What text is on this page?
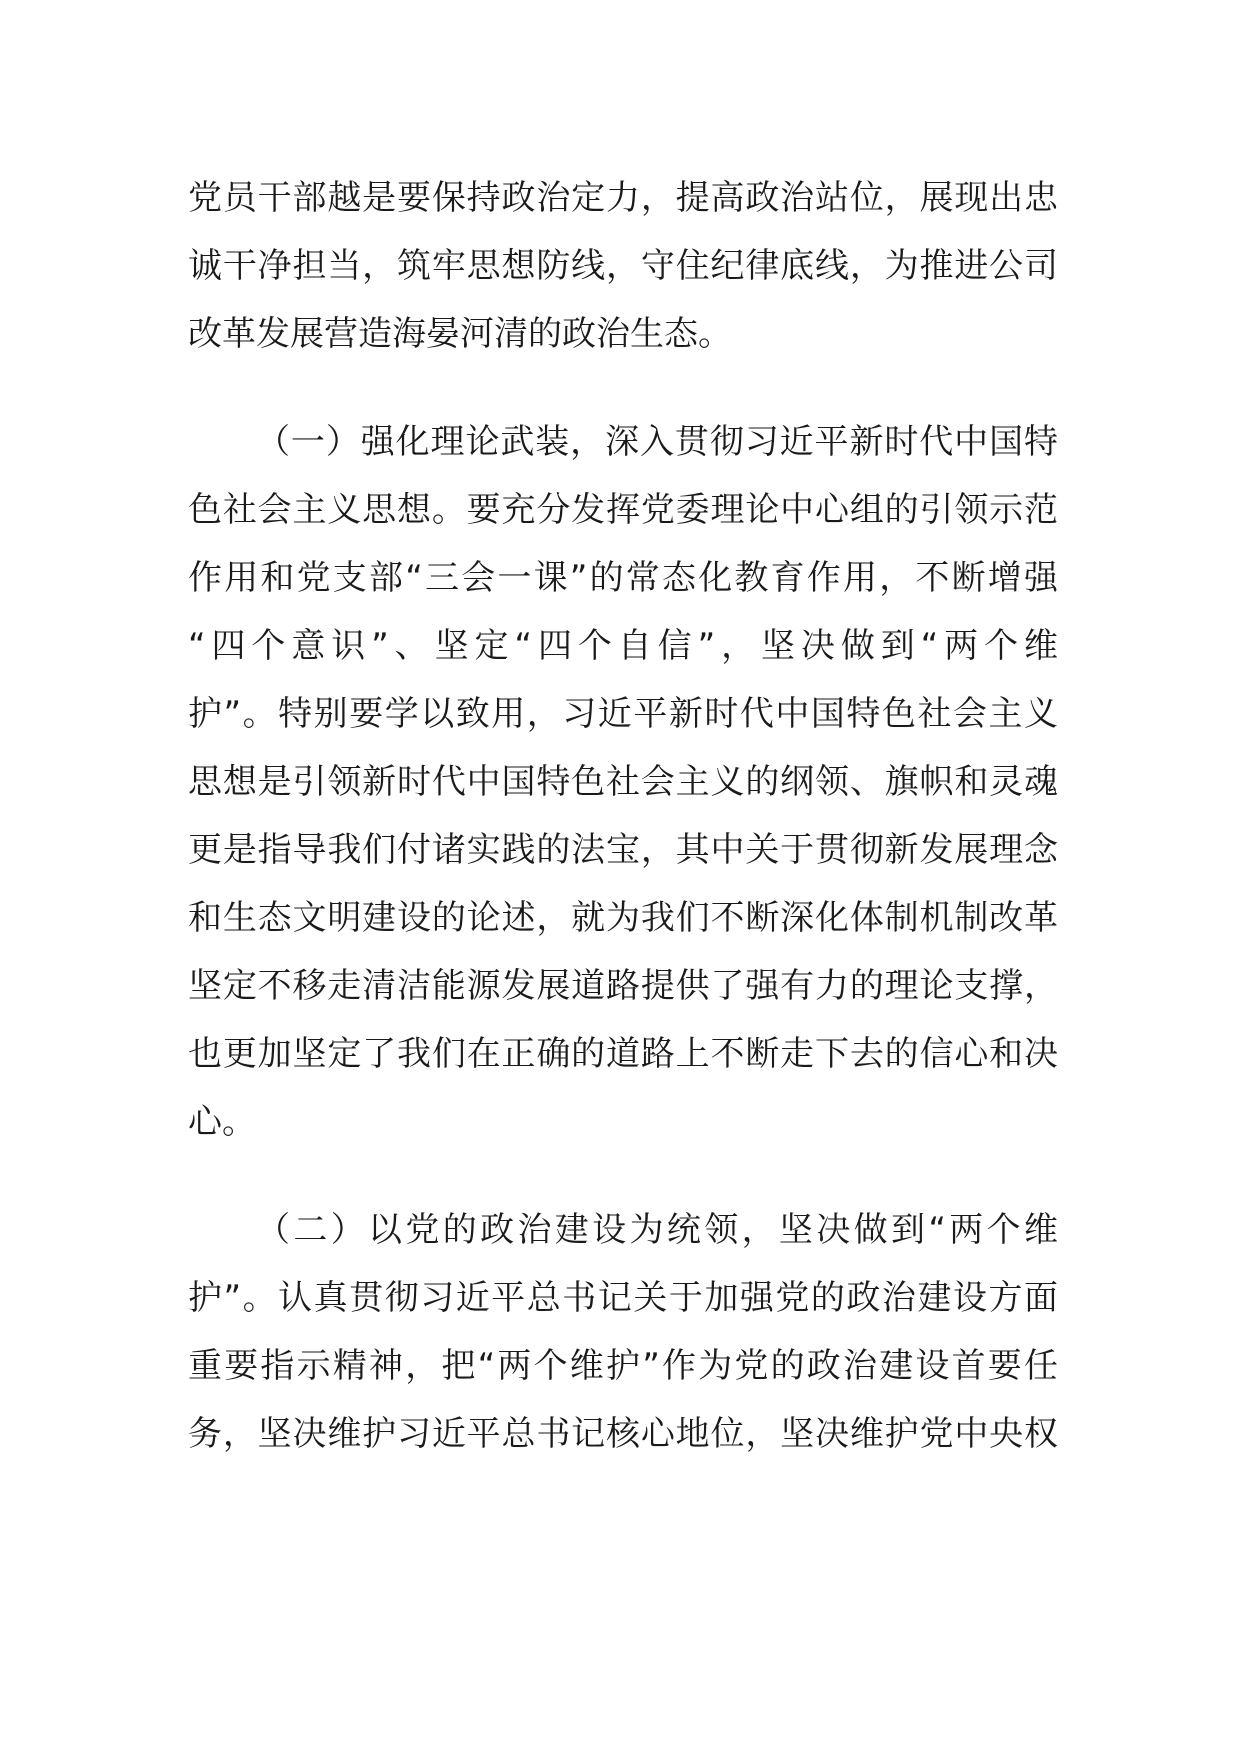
党员干部越是要保持政治定力，提高政治站位，展现出忠
诚干净担当，筑牢思想防线，守住纪律底线，为推进公司
改革发展营造海晏河清的政治生态。
（一）强化理论武装，深入贯彻习近平新时代中国特
色社会主义思想。要充分发挥党委理论中心组的引领示范
作用和党支部“三会一课”的常态化教育作用，不断增强
“四个意识”、坚定“四个自信”，坚决做到“两个维
护”。特别要学以致用，习近平新时代中国特色社会主义
思想是引领新时代中国特色社会主义的纲领、旗帜和灵魂
更是指导我们付诸实践的法宝，其中关于贯彻新发展理念
和生态文明建设的论述，就为我们不断深化体制机制改革
坚定不移走清洁能源发展道路提供了强有力的理论支撑，
也更加坚定了我们在正确的道路上不断走下去的信心和决
心。
（二）以党的政治建设为统领，坚决做到“两个维
护”。认真贯彻习近平总书记关于加强党的政治建设方面
重要指示精神，把“两个维护”作为党的政治建设首要任
务，坚决维护习近平总书记核心地位，坚决维护党中央权
